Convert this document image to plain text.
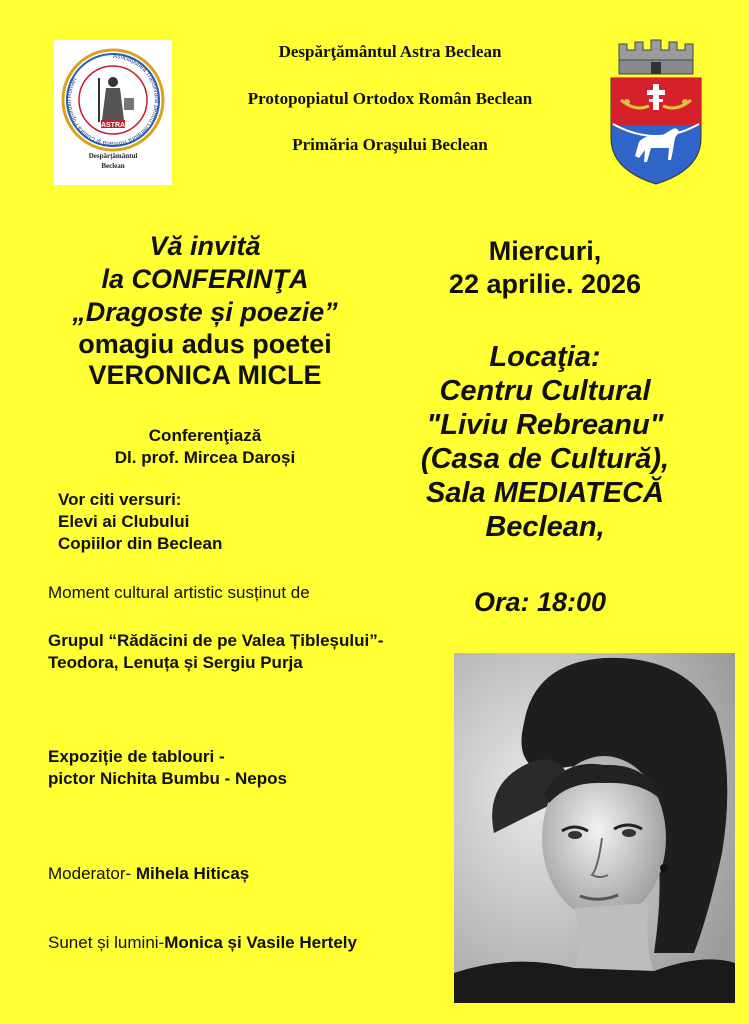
Asociaţiunea Transilvană pentru Literatura Română şi Cultura Poporului Român
ASTRA
Despărţământul
Beclean
Despărţământul Astra Beclean
Protopopiatul Ortodox Român Beclean
Primăria Oraşului Beclean
Vă invită
la CONFERINŢA
„Dragoste și poezie”
omagiu adus poetei
VERONICA MICLE
Conferenţiază
Dl. prof. Mircea Daroși
Vor citi versuri:
Elevi ai Clubului
Copiilor din Beclean
Moment cultural artistic susținut de
Grupul “Rădăcini de pe Valea Țibleșului”-
Teodora, Lenuța și Sergiu Purja
Expoziție de tablouri -
pictor Nichita Bumbu - Nepos
Moderator- Mihela Hiticaș
Sunet și lumini-Monica și Vasile Hertely
Miercuri,
22 aprilie. 2026
Locaţia:
Centru Cultural
"Liviu Rebreanu"
(Casa de Cultură),
Sala MEDIATECĂ
Beclean,
Ora: 18:00
